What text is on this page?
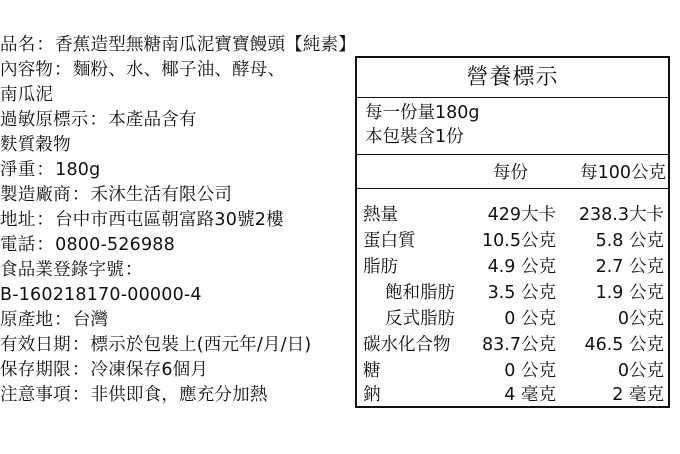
品名：香蕉造型無糖南瓜泥寶寶饅頭【純素】
內容物：麵粉、水、椰子油、酵母、
南瓜泥
過敏原標示：本產品含有
麩質穀物
淨重：180g
製造廠商：禾沐生活有限公司
地址：台中市西屯區朝富路30號2樓
電話：0800-526988
食品業登錄字號：
B-160218170-00000-4
原產地：台灣
有效日期：標示於包裝上(西元年/月/日)
保存期限：冷凍保存6個月
注意事項：非供即食，應充分加熱
營養標示
每一份量180g
本包裝含1份
每份	每100公克
熱量	429大卡 238.3大卡
蛋白質	10.5公克 5.8 公克
脂肪	4.9 公克 2.7 公克
飽和脂肪 3.5 公克 1.9 公克
反式脂肪	0 公克	0公克
碳水化合物 83.7公克 46.5 公克
糖	0 公克	0公克
鈉	4 毫克	2 毫克
